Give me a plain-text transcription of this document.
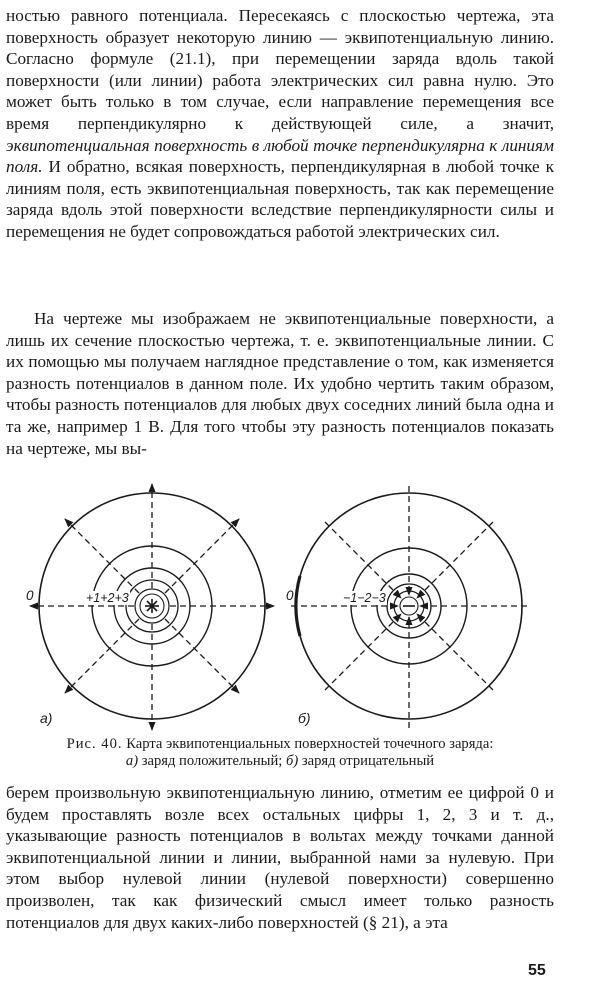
ностью равного потенциала. Пересекаясь с плоскостью чертежа, эта поверхность образует некоторую линию — эквипотенциальную линию. Согласно формуле (21.1), при перемещении заряда вдоль такой поверхности (или линии) работа электрических сил равна нулю. Это может быть только в том случае, если направление перемещения все время перпендикулярно к действующей силе, а значит, эквипотенциальная поверхность в любой точке перпендикулярна к линиям поля. И обратно, всякая поверхность, перпендикулярная в любой точке к линиям поля, есть эквипотенциальная поверхность, так как перемещение заряда вдоль этой поверхности вследствие перпендикулярности силы и перемещения не будет сопровождаться работой электрических сил.

На чертеже мы изображаем не эквипотенциальные поверхности, а лишь их сечение плоскостью чертежа, т. е. эквипотенциальные линии. С их помощью мы получаем наглядное представление о том, как изменяется разность потенциалов в данном поле. Их удобно чертить таким образом, чтобы разность потенциалов для любых двух соседних линий была одна и та же, например 1 В. Для того чтобы эту разность потенциалов показать на чертеже, мы вы-

0	+1+2+3
а)
0	−1−2−3
б)
Рис. 40. Карта эквипотенциальных поверхностей точечного заряда:
а) заряд положительный; б) заряд отрицательный

берем произвольную эквипотенциальную линию, отметим ее цифрой 0 и будем проставлять возле всех остальных цифры 1, 2, 3 и т. д., указывающие разность потенциалов в вольтах между точками данной эквипотенциальной линии и линии, выбранной нами за нулевую. При этом выбор нулевой линии (нулевой поверхности) совершенно произволен, так как физический смысл имеет только разность потенциалов для двух каких-либо поверхностей (§ 21), а эта

55
